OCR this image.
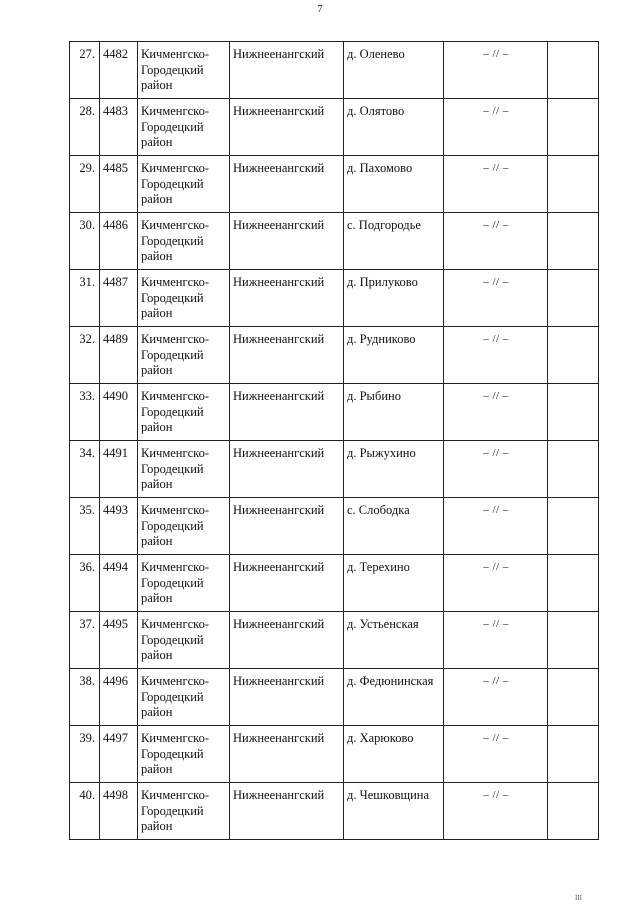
7
27.	4482	Кичменгско-Городецкий район	Нижнеенангский	д. Оленево	– // –	
28.	4483	Кичменгско-Городецкий район	Нижнеенангский	д. Олятово	– // –	
29.	4485	Кичменгско-Городецкий район	Нижнеенангский	д. Пахомово	– // –	
30.	4486	Кичменгско-Городецкий район	Нижнеенангский	с. Подгородье	– // –	
31.	4487	Кичменгско-Городецкий район	Нижнеенангский	д. Прилуково	– // –	
32.	4489	Кичменгско-Городецкий район	Нижнеенангский	д. Рудниково	– // –	
33.	4490	Кичменгско-Городецкий район	Нижнеенангский	д. Рыбино	– // –	
34.	4491	Кичменгско-Городецкий район	Нижнеенангский	д. Рыжухино	– // –	
35.	4493	Кичменгско-Городецкий район	Нижнеенангский	с. Слободка	– // –	
36.	4494	Кичменгско-Городецкий район	Нижнеенангский	д. Терехино	– // –	
37.	4495	Кичменгско-Городецкий район	Нижнеенангский	д. Устьенская	– // –	
38.	4496	Кичменгско-Городецкий район	Нижнеенангский	д. Федюнинская	– // –	
39.	4497	Кичменгско-Городецкий район	Нижнеенангский	д. Харюково	– // –	
40.	4498	Кичменгско-Городецкий район	Нижнеенангский	д. Чешковщина	– // –	
III
